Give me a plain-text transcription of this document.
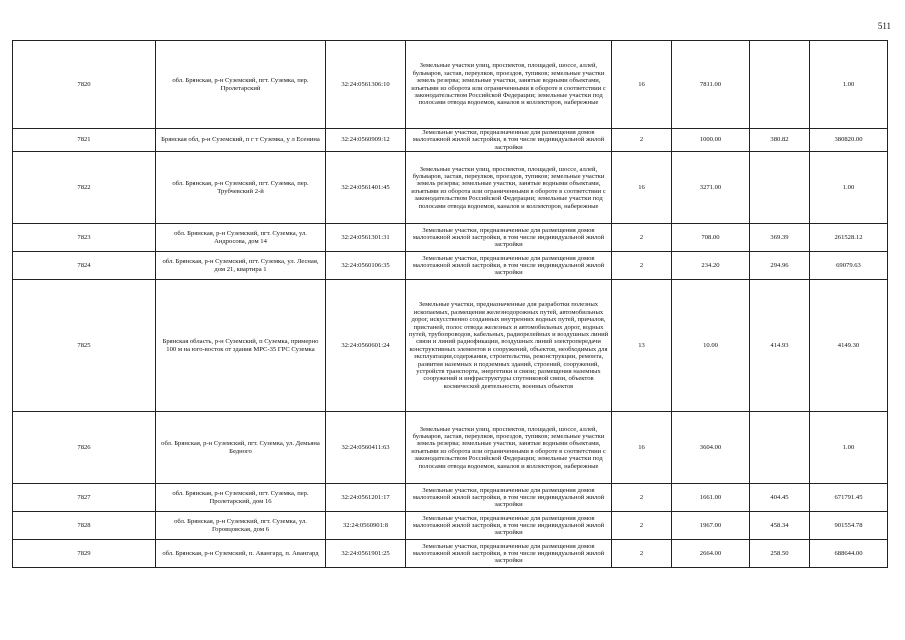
511
7820	обл. Брянская, р-н Суземский, пгт. Суземка, пер. Пролетарский	32:24:0561306:10	Земельные участки улиц, проспектов, площадей, шоссе, аллей, бульваров, застав, переулков, проездов, тупиков; земельные участки земель резерва; земельные участки, занятые водными объектами, изъятыми из оборота или ограниченными в обороте в соответствии с законодательством Российской Федерации; земельные участки под полосами отвода водоемов, каналов и коллекторов, набережные	16	7811.00		1.00
7821	Брянская обл, р-н Суземский, п г т Суземка, у л Есенина	32:24:0560909:12	Земельные участки, предназначенные для размещения домов малоэтажной жилой застройки, в том числе индивидуальной жилой застройки	2	1000.00	380.82	380820.00
7822	обл. Брянская, р-н Суземский, пгт. Суземка, пер. Трубчевский 2-й	32:24:0561401:45	Земельные участки улиц, проспектов, площадей, шоссе, аллей, бульваров, застав, переулков, проездов, тупиков; земельные участки земель резерва; земельные участки, занятые водными объектами, изъятыми из оборота или ограниченными в обороте в соответствии с законодательством Российской Федерации; земельные участки под полосами отвода водоемов, каналов и коллекторов, набережные	16	3271.00		1.00
7823	обл. Брянская, р-н Суземский, пгт. Суземка, ул. Андросова, дом 14	32:24:0561301:31	Земельные участки, предназначенные для размещения домов малоэтажной жилой застройки, в том числе индивидуальной жилой застройки	2	708.00	369.39	261528.12
7824	обл. Брянская, р-н Суземский, пгт. Суземка, ул. Лесная, дом 21, квартира 1	32:24:0560106:35	Земельные участки, предназначенные для размещения домов малоэтажной жилой застройки, в том числе индивидуальной жилой застройки	2	234.20	294.96	69079.63
7825	Брянская область, р-н Суземский, п Суземка, примерно 100 м на юго-восток от здания МРС-35 ГРС Суземка	32:24:0560601:24	Земельные участки, предназначенные для разработки полезных ископаемых, размещения железнодорожных путей, автомобильных дорог, искусственно созданных внутренних водных путей, причалов, пристаней, полос отвода железных и автомобильных дорог, водных путей, трубопроводов, кабельных, радиорелейных и воздушных линий связи и линий радиофикации, воздушных линий электропередачи конструктивных элементов и сооружений, объектов, необходимых для эксплуатации,содержания, строительства, реконструкции, ремонта, развития наземных и подземных зданий, строений, сооружений, устройств транспорта, энергетики и связи; размещения наземных сооружений и инфраструктуры спутниковой связи, объектов космической деятельности, военных объектов	13	10.00	414.93	4149.30
7826	обл. Брянская, р-н Суземский, пгт. Суземка, ул. Демьяна Бедного	32:24:0560411:63	Земельные участки улиц, проспектов, площадей, шоссе, аллей, бульваров, застав, переулков, проездов, тупиков; земельные участки земель резерва; земельные участки, занятые водными объектами, изъятыми из оборота или ограниченными в обороте в соответствии с законодательством Российской Федерации; земельные участки под полосами отвода водоемов, каналов и коллекторов, набережные	16	3604.00		1.00
7827	обл. Брянская, р-н Суземский, пгт. Суземка, пер. Пролетарский, дом 16	32:24:0561201:17	Земельные участки, предназначенные для размещения домов малоэтажной жилой застройки, в том числе индивидуальной жилой застройки	2	1661.00	404.45	671791.45
7828	обл. Брянская, р-н Суземский, пгт. Суземка, ул. Горовцовская, дом 6	32:24:0560901:8	Земельные участки, предназначенные для размещения домов малоэтажной жилой застройки, в том числе индивидуальной жилой застройки	2	1967.00	458.34	901554.78
7829	обл. Брянская, р-н Суземский, п. Авангард, п. Авангард	32:24:0561901:25	Земельные участки, предназначенные для размещения домов малоэтажной жилой застройки, в том числе индивидуальной жилой застройки	2	2664.00	258.50	688644.00
